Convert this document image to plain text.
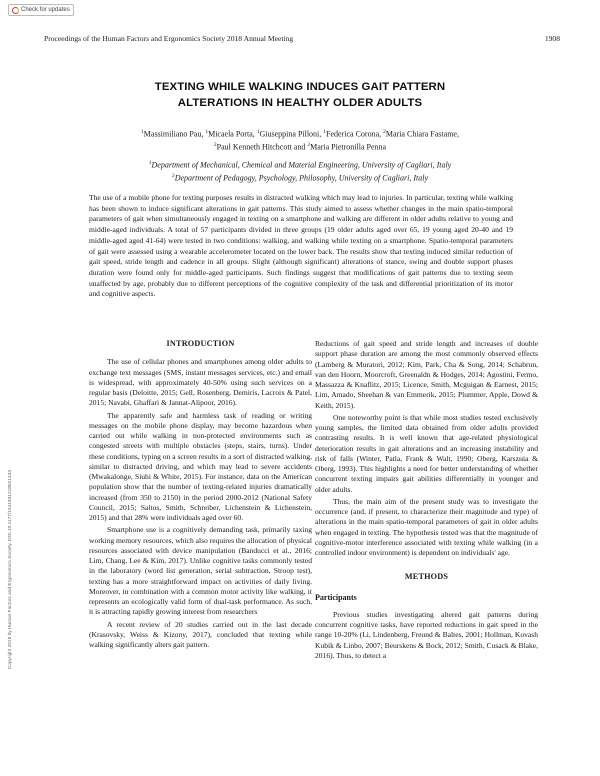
Check for updates
Proceedings of the Human Factors and Ergonomics Society 2018 Annual Meeting	1908
Copyright 2018 by Human Factors and Ergonomics Society. DOI 10.1177/1541931218621433
TEXTING WHILE WALKING INDUCES GAIT PATTERN
ALTERATIONS IN HEALTHY OLDER ADULTS
$^1$Massimiliano Pau, $^1$Micaela Porta, $^1$Giuseppina Pilloni, $^1$Federica Corona, $^2$Maria Chiara Fastame,
$^2$Paul Kenneth Hitchcott and $^2$Maria Pietronilla Penna
$^1$Department of Mechanical, Chemical and Material Engineering, University of Cagliari, Italy
$^2$Department of Pedagogy, Psychology, Philosophy, University of Cagliari, Italy
The use of a mobile phone for texting purposes results in distracted walking which may lead to injuries. In particular, texting while walking has been shown to induce significant alterations in gait patterns. This study aimed to assess whether changes in the main spatio-temporal parameters of gait when simultaneously engaged in texting on a smartphone and walking are different in older adults relative to young and middle-aged individuals. A total of 57 participants divided in three groups (19 older adults aged over 65, 19 young aged 20-40 and 19 middle-aged aged 41-64) were tested in two conditions: walking, and walking while texting on a smartphone. Spatio-temporal parameters of gait were assessed using a wearable accelerometer located on the lower back. The results show that texting induced similar reduction of gait speed, stride length and cadence in all groups. Slight (although significant) alterations of stance, swing and double support phases duration were found only for middle-aged participants. Such findings suggest that modifications of gait patterns due to texting seem unaffected by age, probably due to different perceptions of the cognitive complexity of the task and differential prioritization of its motor and cognitive aspects.
INTRODUCTION

The use of cellular phones and smartphones among older adults to exchange text messages (SMS, instant messages services, etc.) and email is widespread, with approximately 40-50% using such services on a regular basis (Deloitte, 2015; Gell, Rosenberg, Demiris, Lacroix & Patel, 2015; Navabi, Ghaffari & Jannat-Alipoor, 2016).

The apparently safe and harmless task of reading or writing messages on the mobile phone display, may become hazardous when carried out while walking in non-protected environments such as congested streets with multiple obstacles (steps, stairs, turns). Under these conditions, typing on a screen results in a sort of distracted walking, similar to distracted driving, and which may lead to severe accidents (Mwakalonge, Siuhi & White, 2015). For instance, data on the American population show that the number of texting-related injuries dramatically increased (from 350 to 2150) in the period 2000-2012 (National Safety Council, 2015; Saltos, Smith, Schreiber, Lichenstein & Lichenstein, 2015) and that 28% were individuals aged over 60.

Smartphone use is a cognitively demanding task, primarily taxing working memory resources, which also requires the allocation of physical resources associated with device manipulation (Banducci et al., 2016; Lim, Chang, Lee & Kim, 2017). Unlike cognitive tasks commonly tested in the laboratory (word list generation, serial subtraction, Stroop test), texting has a more straightforward impact on activities of daily living. Moreover, in combination with a common motor activity like walking, it represents an ecologically valid form of dual-task performance. As such, it is attracting rapidly growing interest from researchers

A recent review of 20 studies carried out in the last decade (Krasovsky, Weiss & Kizony, 2017), concluded that texting while walking significantly alters gait pattern.

Reductions of gait speed and stride length and increases of double support phase duration are among the most commonly observed effects (Lamberg & Muratori, 2012; Kim, Park, Cha & Song, 2014; Schabrun, van den Hoorn, Moorcroft, Greenaldn & Hodges, 2014; Agostini, Fermo, Massazza & Knaflitz, 2015; Licence, Smith, Mcguigan & Earnest, 2015; Lim, Amado, Sheehan & van Emmerik, 2015; Plummer, Apple, Dowd & Keith, 2015).

One noteworthy point is that while most studies tested exclusively young samples, the limited data obtained from older adults provided contrasting results. It is well known that age-related physiological deterioration results in gait alterations and an increasing instability and risk of falls (Winter, Patla, Frank & Walt, 1990; Oberg, Karszнia & Oberg, 1993). This highlights a need for better understanding of whether concurrent texting impairs gait abilities differentially in younger and older adults.

Thus, the main aim of the present study was to investigate the occurrence (and, if present, to characterize their magnitude and type) of alterations in the main spatio-temporal parameters of gait in older adults when engaged in texting. The hypothesis tested was that the magnitude of cognitive-motor interference associated with texting while walking (in a controlled indoor environment) is dependent on individuals' age.

METHODS
Participants

Previous studies investigating altered gait patterns during concurrent cognitive tasks, have reported reductions in gait speed in the range 10-20% (Li, Lindenberg, Freund & Baltes, 2001; Hollman, Kovash Kubik & Linbo, 2007; Beurskens & Bock, 2012; Smith, Cusack & Blake, 2016). Thus, to detect a
